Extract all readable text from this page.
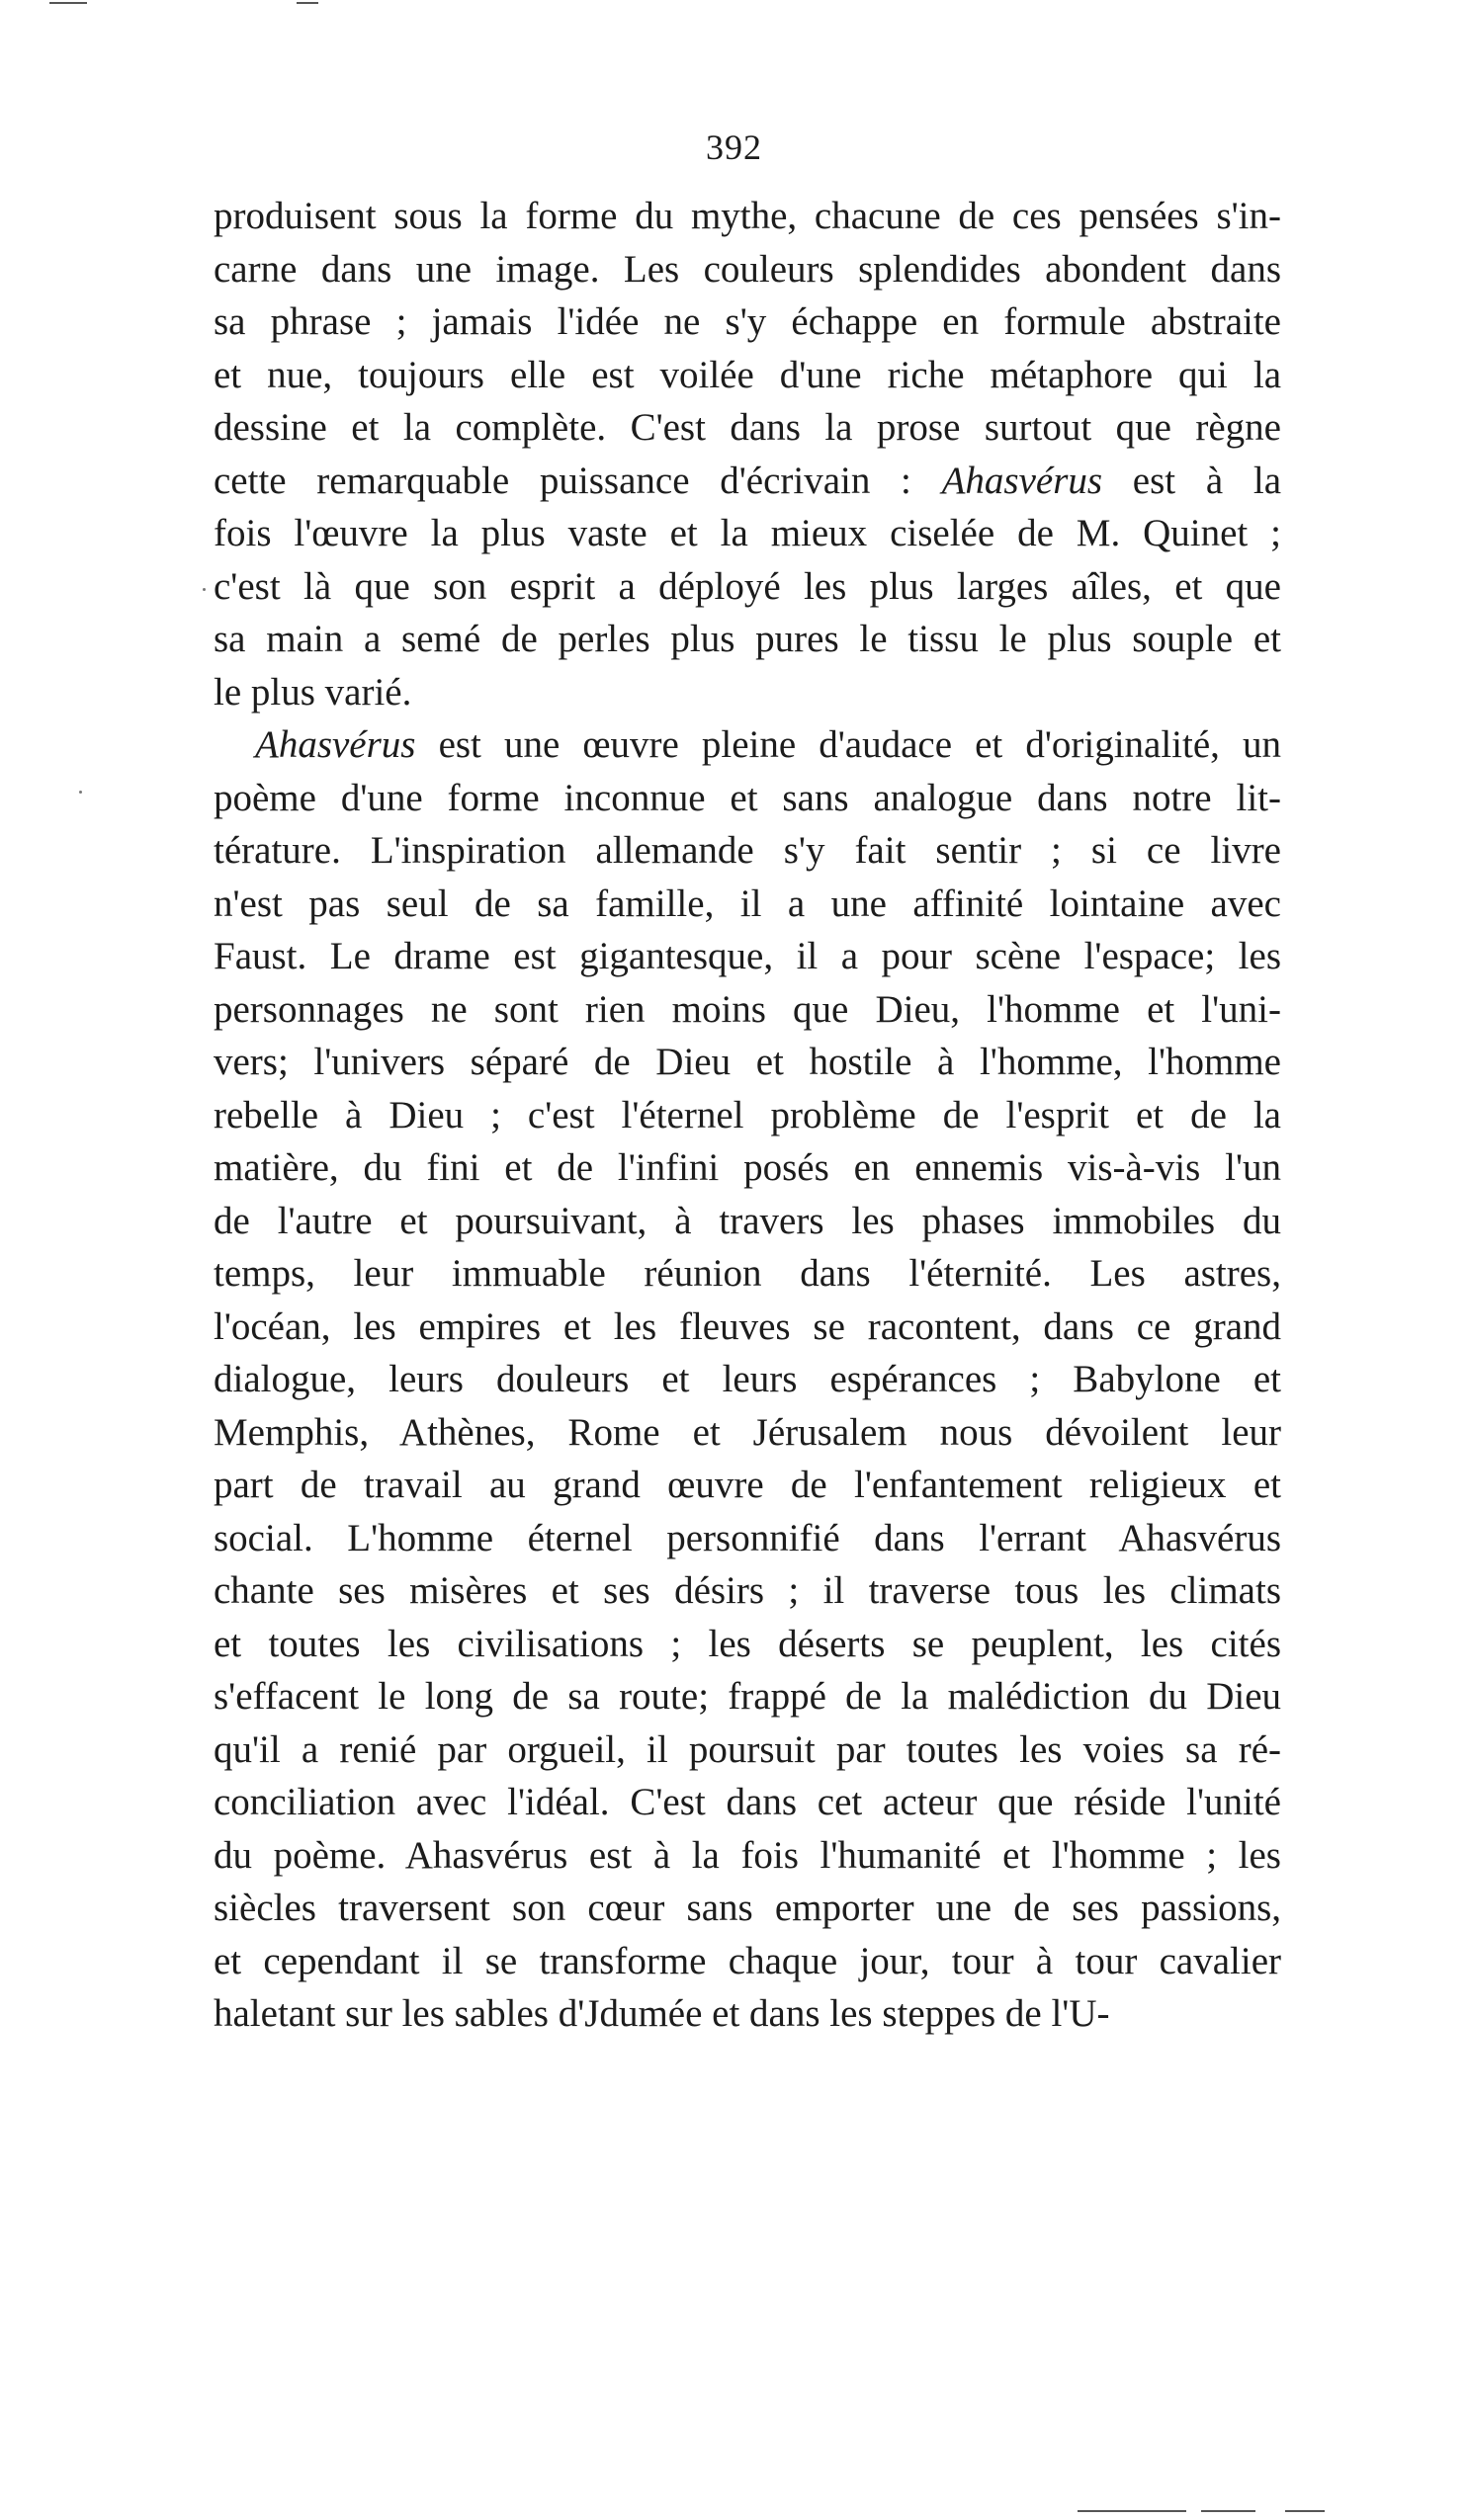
392
produisent sous la forme du mythe, chacune de ces pensées s'in-
carne dans une image. Les couleurs splendides abondent dans
sa phrase ; jamais l'idée ne s'y échappe en formule abstraite
et nue, toujours elle est voilée d'une riche métaphore qui la
dessine et la complète. C'est dans la prose surtout que règne
cette remarquable puissance d'écrivain : Ahasvérus est à la
fois l'œuvre la plus vaste et la mieux ciselée de M. Quinet ;
c'est là que son esprit a déployé les plus larges aîles, et que
sa main a semé de perles plus pures le tissu le plus souple et
le plus varié.
Ahasvérus est une œuvre pleine d'audace et d'originalité, un
poème d'une forme inconnue et sans analogue dans notre lit-
térature. L'inspiration allemande s'y fait sentir ; si ce livre
n'est pas seul de sa famille, il a une affinité lointaine avec
Faust. Le drame est gigantesque, il a pour scène l'espace; les
personnages ne sont rien moins que Dieu, l'homme et l'uni-
vers; l'univers séparé de Dieu et hostile à l'homme, l'homme
rebelle à Dieu ; c'est l'éternel problème de l'esprit et de la
matière, du fini et de l'infini posés en ennemis vis-à-vis l'un
de l'autre et poursuivant, à travers les phases immobiles du
temps, leur immuable réunion dans l'éternité. Les astres,
l'océan, les empires et les fleuves se racontent, dans ce grand
dialogue, leurs douleurs et leurs espérances ; Babylone et
Memphis, Athènes, Rome et Jérusalem nous dévoilent leur
part de travail au grand œuvre de l'enfantement religieux et
social. L'homme éternel personnifié dans l'errant Ahasvérus
chante ses misères et ses désirs ; il traverse tous les climats
et toutes les civilisations ; les déserts se peuplent, les cités
s'effacent le long de sa route; frappé de la malédiction du Dieu
qu'il a renié par orgueil, il poursuit par toutes les voies sa ré-
conciliation avec l'idéal. C'est dans cet acteur que réside l'unité
du poème. Ahasvérus est à la fois l'humanité et l'homme ; les
siècles traversent son cœur sans emporter une de ses passions,
et cependant il se transforme chaque jour, tour à tour cavalier
haletant sur les sables d'Jdumée et dans les steppes de l'U-
